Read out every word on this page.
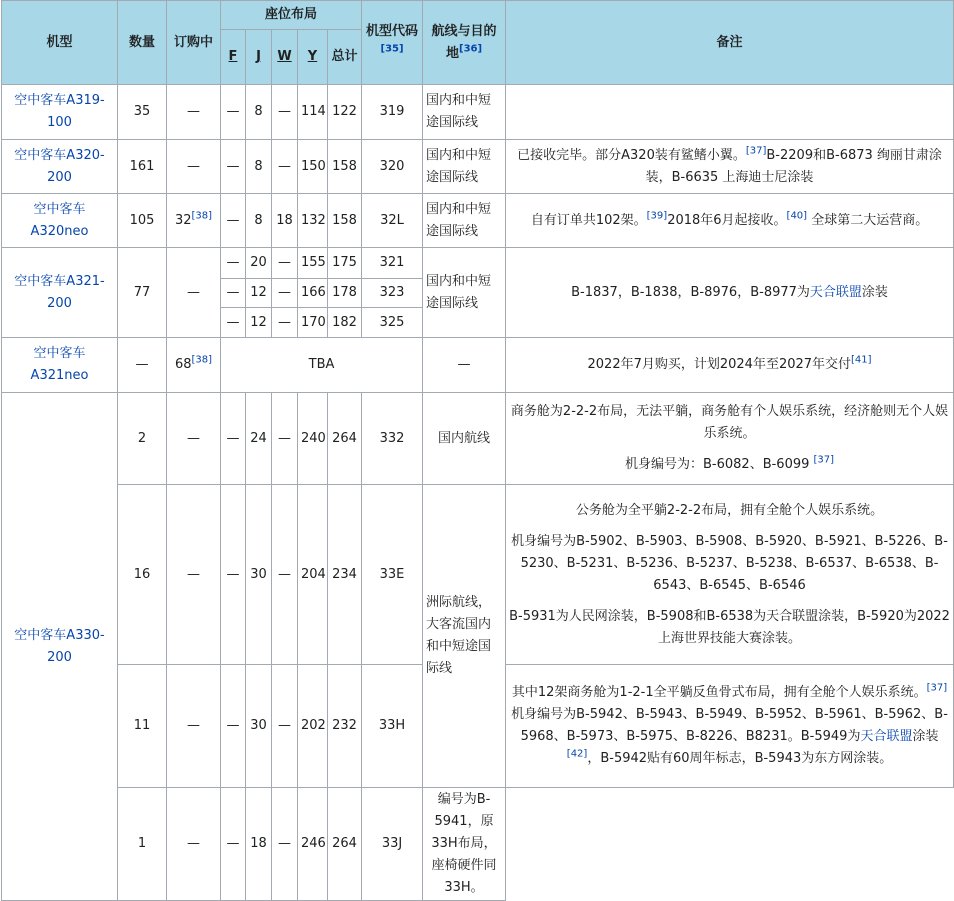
机型	数量	订购中	座位布局					机型代码[35]	航线与目的地[36]	备注
			F	J	W	Y	总计			
空中客车A319-100	35	—	—	8	—	114	122	319	国内和中短途国际线	
空中客车A320-200	161	—	—	8	—	150	158	320	国内和中短途国际线	已接收完毕。部分A320装有鲨鳍小翼。[37]B-2209和B-6873 绚丽甘肃涂装，B-6635 上海迪士尼涂装
空中客车A320neo	105	32[38]	—	8	18	132	158	32L	国内和中短途国际线	自有订单共102架。[39]2018年6月起接收。[40] 全球第二大运营商。
空中客车A321-200	77	—	—	20	—	155	175	321	国内和中短途国际线	B-1837，B-1838，B-8976，B-8977为天合联盟涂装
			—	12	—	166	178	323		
			—	12	—	170	182	325		
空中客车A321neo	—	68[38]	TBA						—	2022年7月购买，计划2024年至2027年交付[41]
空中客车A330-200	2	—	—	24	—	240	264	332	国内航线	商务舱为2-2-2布局，无法平躺，商务舱有个人娱乐系统，经济舱则无个人娱乐系统。

机身编号为：B-6082、B-6099 [37]

	16	—	—	30	—	204	234	33E	洲际航线，大客流国内和中短途国际线	公务舱为全平躺2-2-2布局，拥有全舱个人娱乐系统。

机身编号为B-5902、B-5903、B-5908、B-5920、B-5921、B-5226、B-5230、B-5231、B-5236、B-5237、B-5238、B-6537、B-6538、B-6543、B-6545、B-6546

B-5931为人民网涂装，B-5908和B-6538为天合联盟涂装，B-5920为2022上海世界技能大赛涂装。

	11	—	—	30	—	202	232	33H		其中12架商务舱为1-2-1全平躺反鱼骨式布局，拥有全舱个人娱乐系统。[37]机身编号为B-5942、B-5943、B-5949、B-5952、B-5961、B-5962、B-5968、B-5973、B-5975、B-8226、B8231。B-5949为天合联盟涂装[42]，B-5942贴有60周年标志，B-5943为东方网涂装。
	1	—	—	18	—	246	264	33J	编号为B-5941，原33H布局，座椅硬件同33H。	
